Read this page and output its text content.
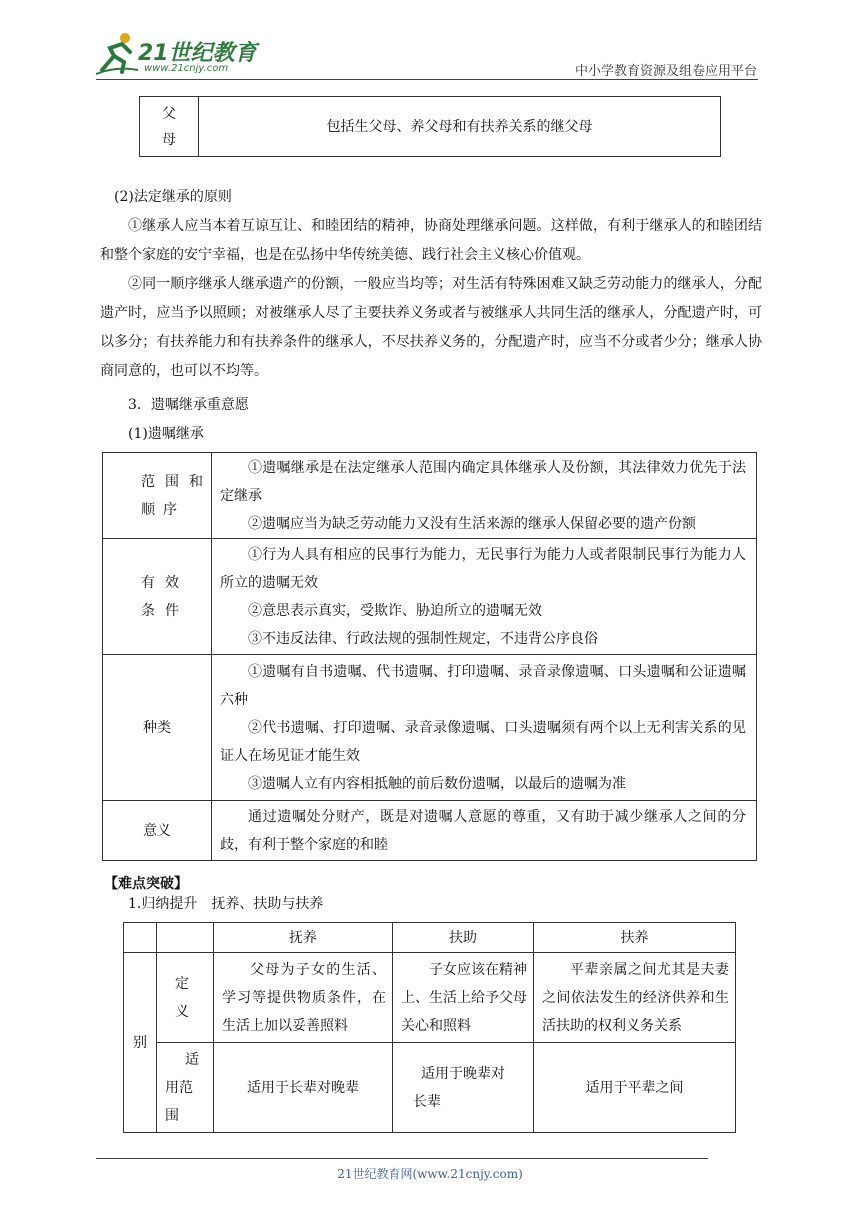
21世纪教育
www.21cnjy.com	中小学教育资源及组卷应用平台
父母	包括生父母、养父母和有扶养关系的继父母
(2)法定继承的原则
①继承人应当本着互谅互让、和睦团结的精神，协商处理继承问题。这样做，有利于继承人的和睦团结和整个家庭的安宁幸福，也是在弘扬中华传统美德、践行社会主义核心价值观。
②同一顺序继承人继承遗产的份额，一般应当均等；对生活有特殊困难又缺乏劳动能力的继承人，分配遗产时，应当予以照顾；对被继承人尽了主要扶养义务或者与被继承人共同生活的继承人，分配遗产时，可以多分；有扶养能力和有扶养条件的继承人，不尽扶养义务的，分配遗产时，应当不分或者少分；继承人协商同意的，也可以不均等。
3．遗嘱继承重意愿
(1)遗嘱继承
范围和顺序	①遗嘱继承是在法定继承人范围内确定具体继承人及份额，其法律效力优先于法定继承

②遗嘱应当为缺乏劳动能力又没有生活来源的继承人保留必要的遗产份额

有效条件	①行为人具有相应的民事行为能力，无民事行为能力人或者限制民事行为能力人所立的遗嘱无效

②意思表示真实，受欺诈、胁迫所立的遗嘱无效

③不违反法律、行政法规的强制性规定，不违背公序良俗

种类	①遗嘱有自书遗嘱、代书遗嘱、打印遗嘱、录音录像遗嘱、口头遗嘱和公证遗嘱六种

②代书遗嘱、打印遗嘱、录音录像遗嘱、口头遗嘱须有两个以上无利害关系的见证人在场见证才能生效

③遗嘱人立有内容相抵触的前后数份遗嘱，以最后的遗嘱为准

意义	通过遗嘱处分财产，既是对遗嘱人意愿的尊重，又有助于减少继承人之间的分歧，有利于整个家庭的和睦

【难点突破】
1.归纳提升　抚养、扶助与扶养
		抚养	扶助	扶养
别	定义	父母为子女的生活、学习等提供物质条件，在生活上加以妥善照料	子女应该在精神上、生活上给予父母关心和照料	平辈亲属之间尤其是夫妻之间依法发生的经济供养和生活扶助的权利义务关系

	适用范围	适用于长辈对晚辈	适用于晚辈对长辈	适用于平辈之间
21世纪教育网(www.21cnjy.com)
